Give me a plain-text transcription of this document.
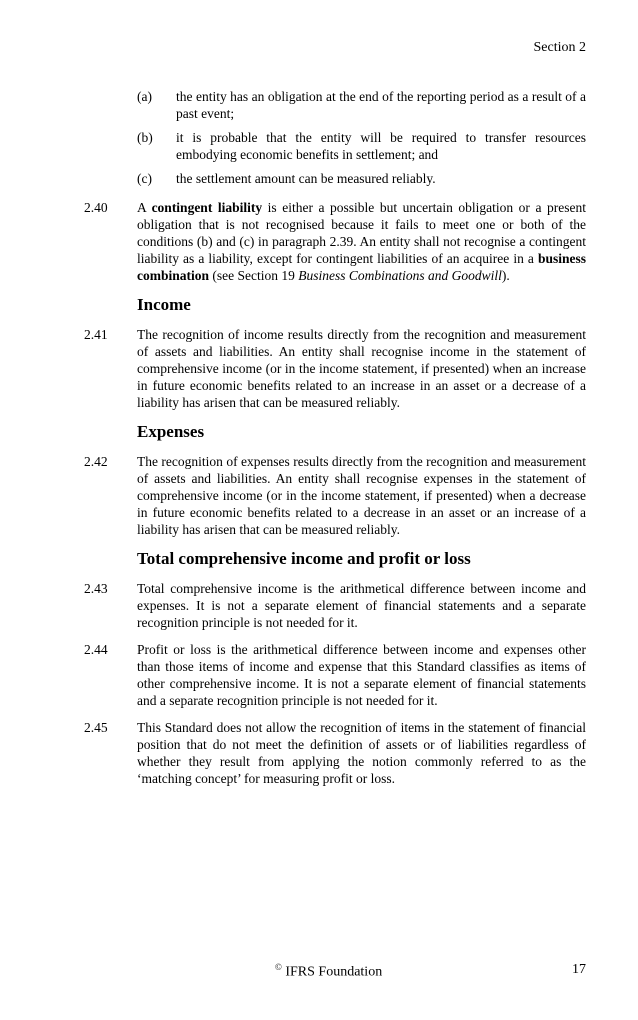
Section 2
(a)	the entity has an obligation at the end of the reporting period as a result of a past event;
(b)	it is probable that the entity will be required to transfer resources embodying economic benefits in settlement; and
(c)	the settlement amount can be measured reliably.
2.40	A contingent liability is either a possible but uncertain obligation or a present obligation that is not recognised because it fails to meet one or both of the conditions (b) and (c) in paragraph 2.39. An entity shall not recognise a contingent liability as a liability, except for contingent liabilities of an acquiree in a business combination (see Section 19 Business Combinations and Goodwill).
Income
2.41	The recognition of income results directly from the recognition and measurement of assets and liabilities. An entity shall recognise income in the statement of comprehensive income (or in the income statement, if presented) when an increase in future economic benefits related to an increase in an asset or a decrease of a liability has arisen that can be measured reliably.
Expenses
2.42	The recognition of expenses results directly from the recognition and measurement of assets and liabilities. An entity shall recognise expenses in the statement of comprehensive income (or in the income statement, if presented) when a decrease in future economic benefits related to a decrease in an asset or an increase of a liability has arisen that can be measured reliably.
Total comprehensive income and profit or loss
2.43	Total comprehensive income is the arithmetical difference between income and expenses. It is not a separate element of financial statements and a separate recognition principle is not needed for it.
2.44	Profit or loss is the arithmetical difference between income and expenses other than those items of income and expense that this Standard classifies as items of other comprehensive income. It is not a separate element of financial statements and a separate recognition principle is not needed for it.
2.45	This Standard does not allow the recognition of items in the statement of financial position that do not meet the definition of assets or of liabilities regardless of whether they result from applying the notion commonly referred to as the ‘matching concept’ for measuring profit or loss.
© IFRS Foundation	17
